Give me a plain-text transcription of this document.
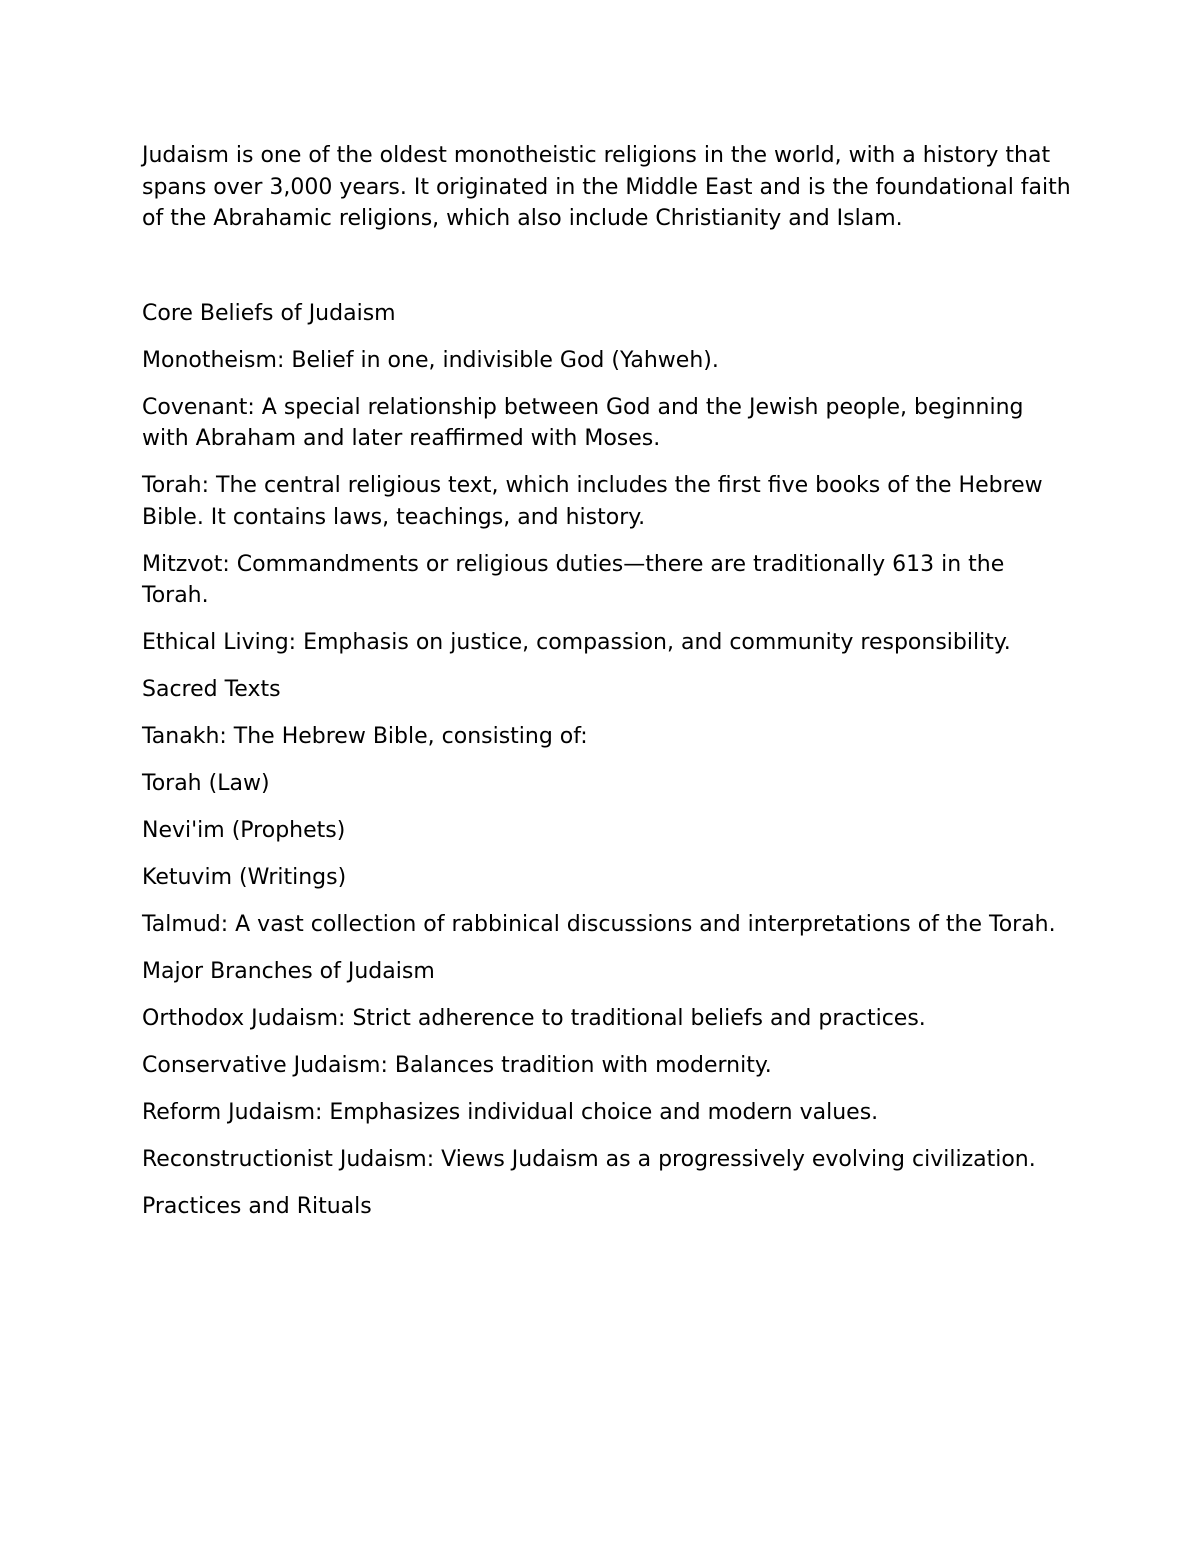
Judaism is one of the oldest monotheistic religions in the world, with a history that spans over 3,000 years. It originated in the Middle East and is the foundational faith of the Abrahamic religions, which also include Christianity and Islam.

Core Beliefs of Judaism

Monotheism: Belief in one, indivisible God (Yahweh).

Covenant: A special relationship between God and the Jewish people, beginning with Abraham and later reaffirmed with Moses.

Torah: The central religious text, which includes the first five books of the Hebrew Bible. It contains laws, teachings, and history.

Mitzvot: Commandments or religious duties—there are traditionally 613 in the Torah.

Ethical Living: Emphasis on justice, compassion, and community responsibility.

Sacred Texts

Tanakh: The Hebrew Bible, consisting of:

Torah (Law)

Nevi'im (Prophets)

Ketuvim (Writings)

Talmud: A vast collection of rabbinical discussions and interpretations of the Torah.

Major Branches of Judaism

Orthodox Judaism: Strict adherence to traditional beliefs and practices.

Conservative Judaism: Balances tradition with modernity.

Reform Judaism: Emphasizes individual choice and modern values.

Reconstructionist Judaism: Views Judaism as a progressively evolving civilization.

Practices and Rituals
